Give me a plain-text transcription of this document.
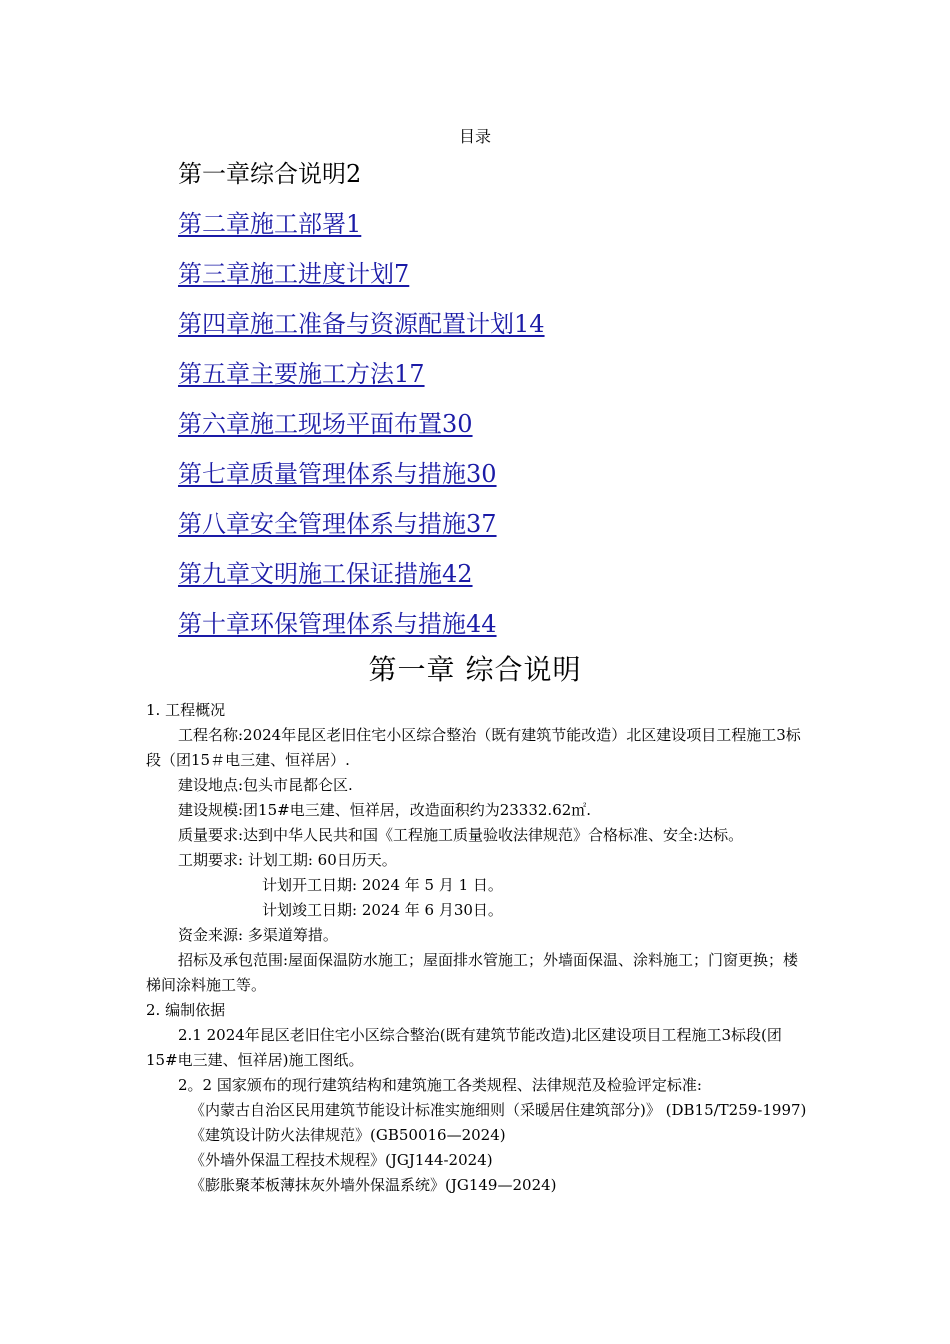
目录
第一章综合说明2
第二章施工部署1
第三章施工进度计划7
第四章施工准备与资源配置计划14
第五章主要施工方法17
第六章施工现场平面布置30
第七章质量管理体系与措施30
第八章安全管理体系与措施37
第九章文明施工保证措施42
第十章环保管理体系与措施44
第一章 综合说明

1. 工程概况

工程名称:2024年昆区老旧住宅小区综合整治（既有建筑节能改造）北区建设项目工程施工3标段（团15＃电三建、恒祥居）.

建设地点:包头市昆都仑区.

建设规模:团15#电三建、恒祥居，改造面积约为23332.62㎡.

质量要求:达到中华人民共和国《工程施工质量验收法律规范》合格标准、安全:达标。

工期要求: 计划工期: 60日历天。

计划开工日期: 2024 年 5 月 1 日。

计划竣工日期: 2024 年 6 月30日。

资金来源: 多渠道筹措。

招标及承包范围:屋面保温防水施工；屋面排水管施工；外墙面保温、涂料施工；门窗更换；楼梯间涂料施工等。

2. 编制依据

2.1 2024年昆区老旧住宅小区综合整治(既有建筑节能改造)北区建设项目工程施工3标段(团15#电三建、恒祥居)施工图纸。

2。2 国家颁布的现行建筑结构和建筑施工各类规程、法律规范及检验评定标准:

《内蒙古自治区民用建筑节能设计标准实施细则（采暖居住建筑部分)》 (DB15/T259-1997)

《建筑设计防火法律规范》(GB50016—2024)

《外墙外保温工程技术规程》(JGJ144-2024)

《膨胀聚苯板薄抹灰外墙外保温系统》(JG149—2024)
